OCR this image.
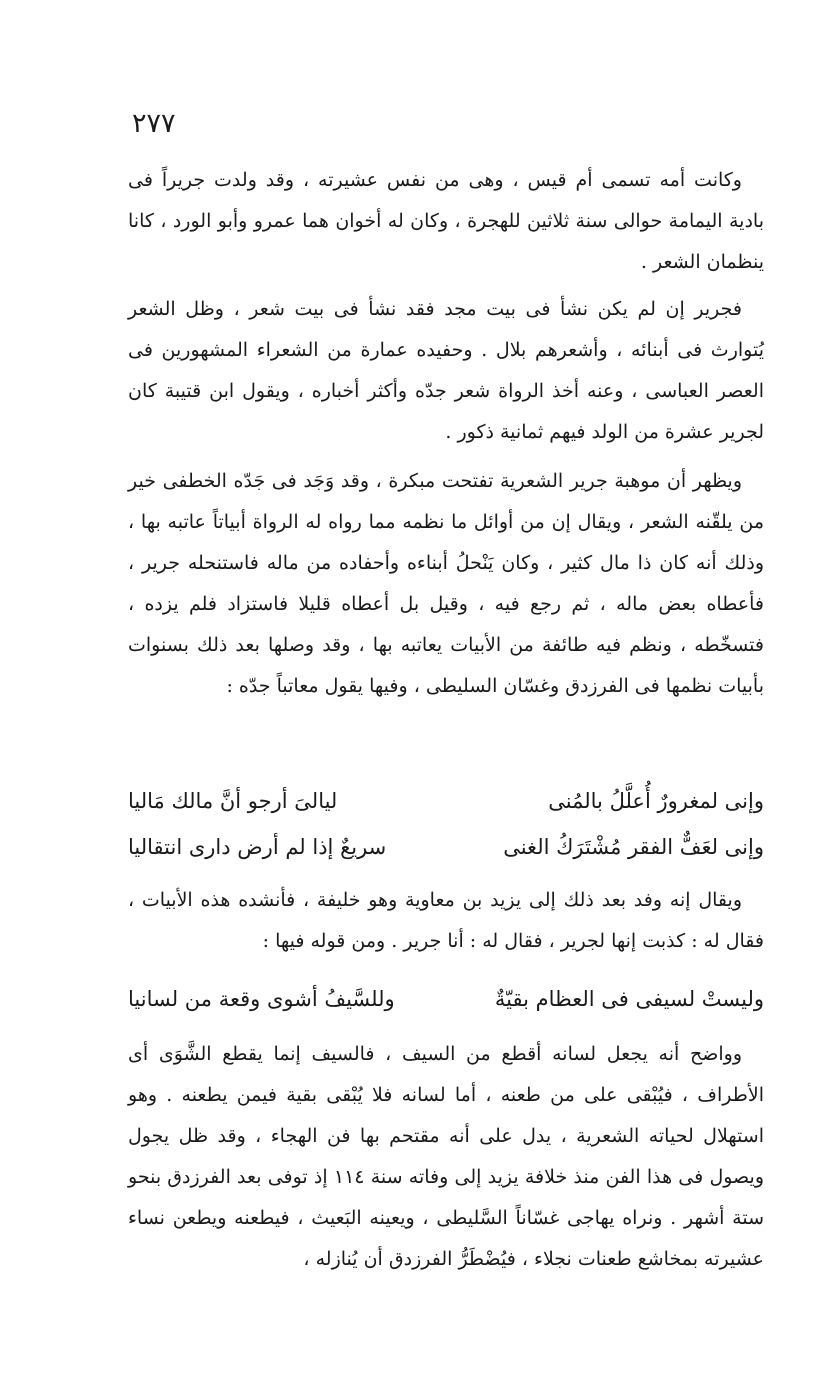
٢٧٧

وكانت أمه تسمى أم قيس ، وهى من نفس عشيرته ، وقد ولدت جريراً فى بادية اليمامة حوالى سنة ثلاثين للهجرة ، وكان له أخوان هما عمرو وأبو الورد ، كانا ينظمان الشعر .

فجرير إن لم يكن نشأ فى بيت مجد فقد نشأ فى بيت شعر ، وظل الشعر يُتوارث فى أبنائه ، وأشعرهم بلال . وحفيده عمارة من الشعراء المشهورين فى العصر العباسى ، وعنه أخذ الرواة شعر جدّه وأكثر أخباره ، ويقول ابن قتيبة كان لجرير عشرة من الولد فيهم ثمانية ذكور .

ويظهر أن موهبة جرير الشعرية تفتحت مبكرة ، وقد وَجَد فى جَدّه الخطفى خير من يلقّنه الشعر ، ويقال إن من أوائل ما نظمه مما رواه له الرواة أبياتاً عاتبه بها ، وذلك أنه كان ذا مال كثير ، وكان يَنْحلُ أبناءه وأحفاده من ماله فاستنحله جرير ، فأعطاه بعض ماله ، ثم رجع فيه ، وقيل بل أعطاه قليلا فاستزاد فلم يزده ، فتسخّطه ، ونظم فيه طائفة من الأبيات يعاتبه بها ، وقد وصلها بعد ذلك بسنوات بأبيات نظمها فى الفرزدق وغسّان السليطى ، وفيها يقول معاتباً جدّه :

وإنى لمغرورٌ أُعلَّلُ بالمُنى
ليالىَ أرجو أنَّ مالك مَاليا
وإنى لعَفٌّ الفقر مُشْتَرَكُ الغنى
سريعٌ إذا لم أرض دارى انتقاليا

ويقال إنه وفد بعد ذلك إلى يزيد بن معاوية وهو خليفة ، فأنشده هذه الأبيات ، فقال له : كذبت إنها لجرير ، فقال له : أنا جرير . ومن قوله فيها :

وليستْ لسيفى فى العظام بقيّةٌ
وللسَّيفُ أشوى وقعة من لسانيا

وواضح أنه يجعل لسانه أقطع من السيف ، فالسيف إنما يقطع الشَّوَى أى الأطراف ، فيُبْقى على من طعنه ، أما لسانه فلا يُبْقى بقية فيمن يطعنه . وهو استهلال لحياته الشعرية ، يدل على أنه مقتحم بها فن الهجاء ، وقد ظل يجول ويصول فى هذا الفن منذ خلافة يزيد إلى وفاته سنة ١١٤ إذ توفى بعد الفرزدق بنحو ستة أشهر . ونراه يهاجى غسّاناً السَّليطى ، ويعينه البَعيث ، فيطعنه ويطعن نساء عشيرته بمخاشع طعنات نجلاء ، فيُضْطَرُّ الفرزدق أن يُنازله ،
